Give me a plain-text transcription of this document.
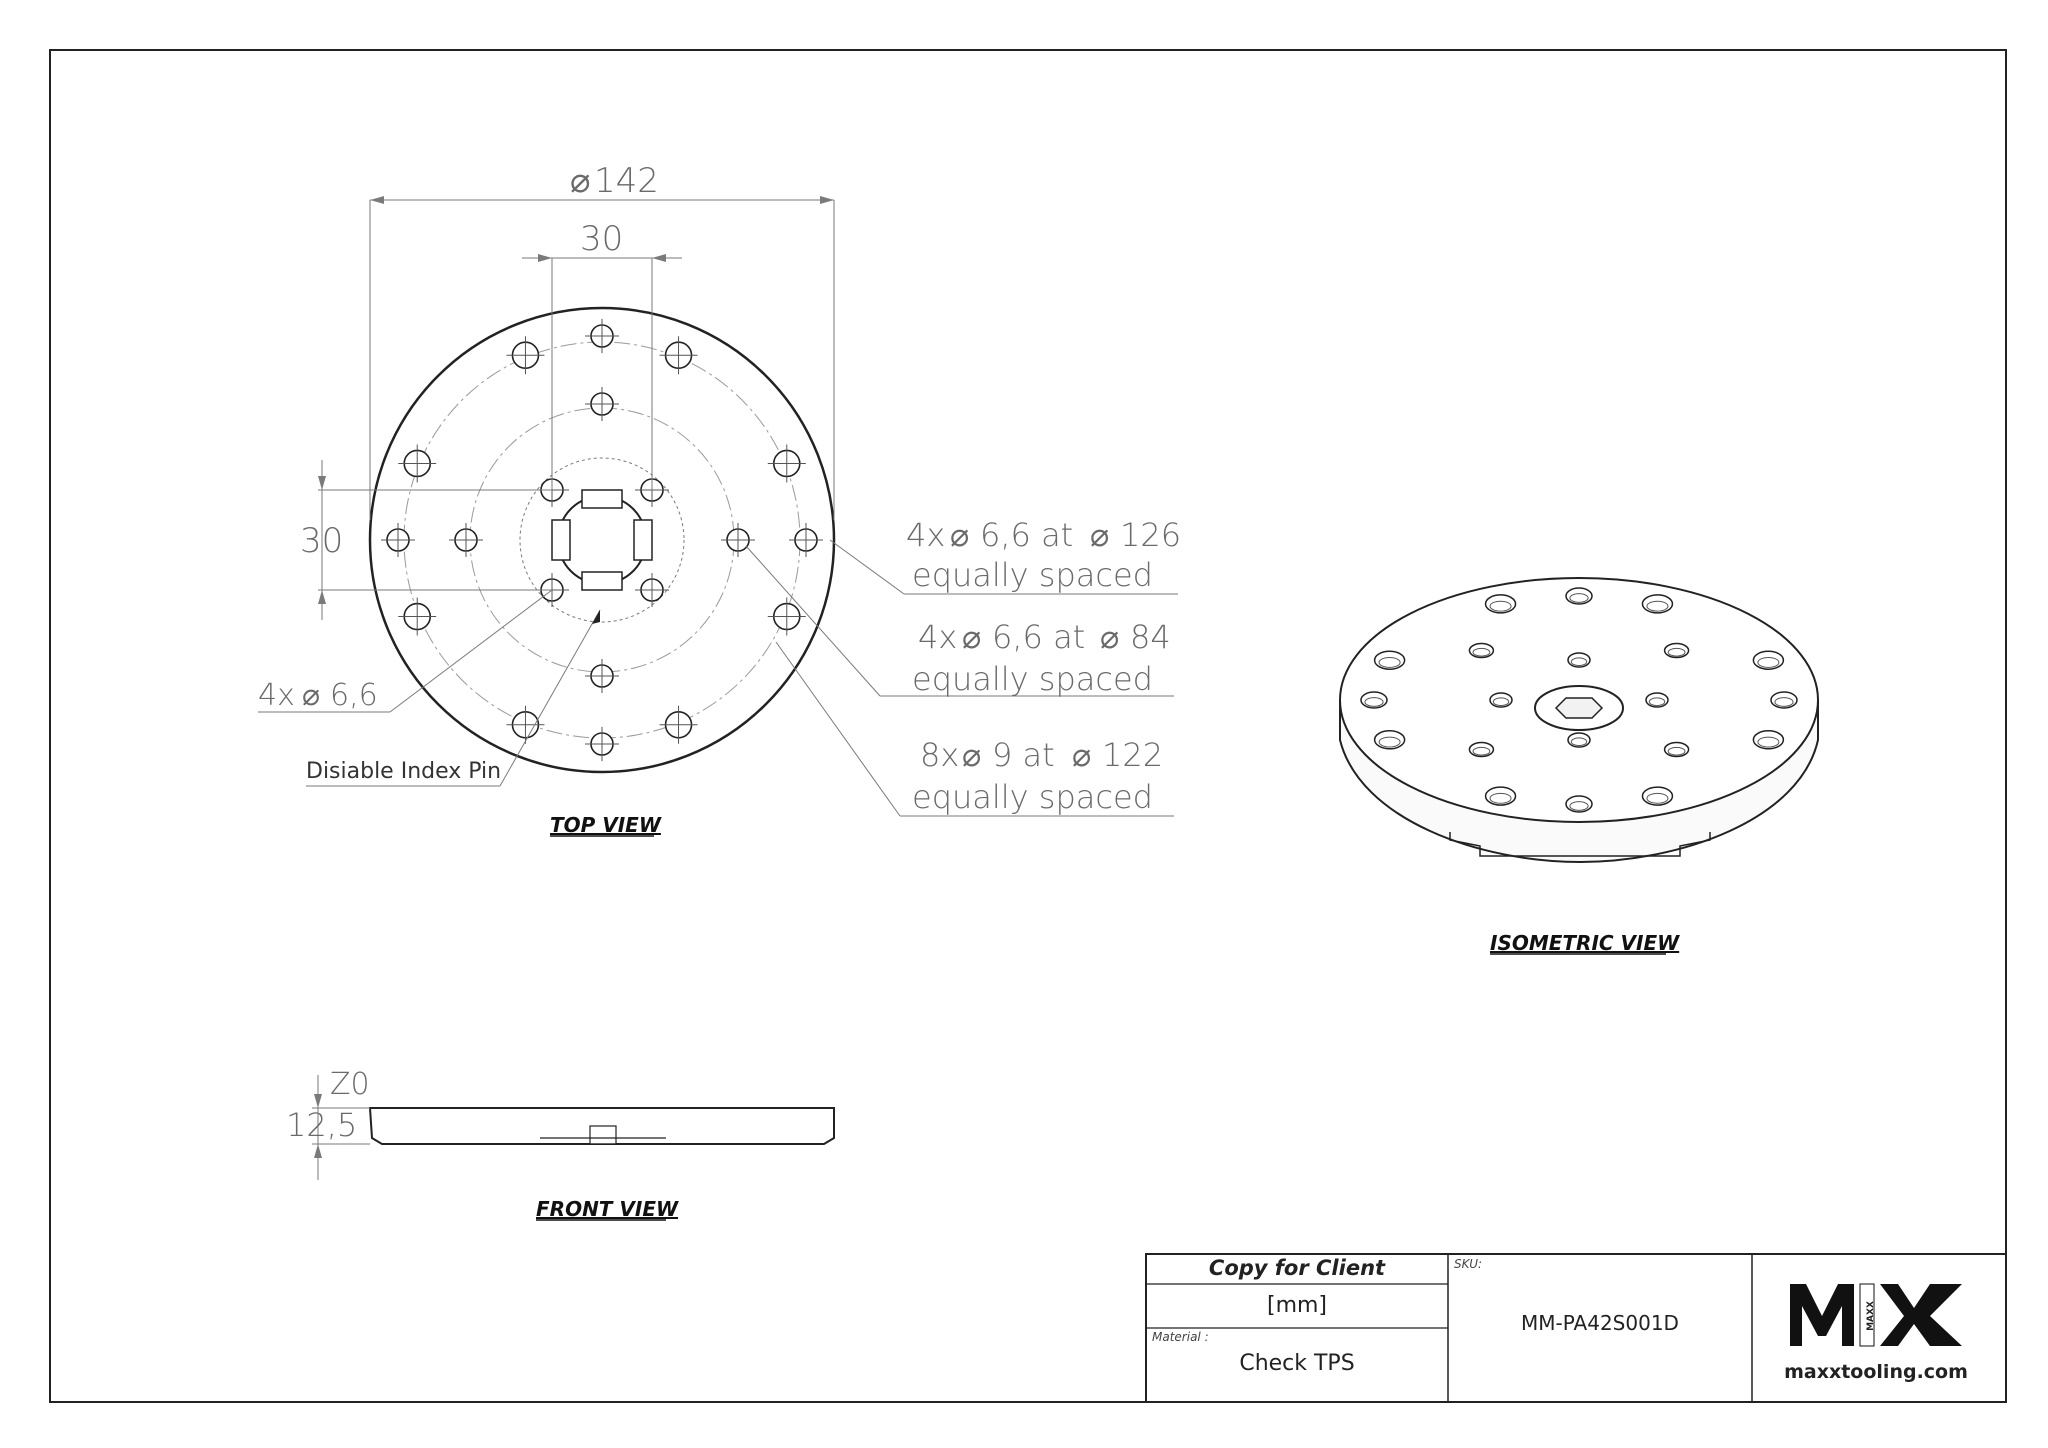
⌀ 142
30
30
4x ⌀ 6,6
Disiable Index Pin
4x ⌀ 6,6 at ⌀ 126
equally spaced
4x ⌀ 6,6 at ⌀ 84
equally spaced
8x ⌀ 9 at ⌀ 122
equally spaced
TOP VIEW
ISOMETRIC VIEW
Z0
12,5
FRONT VIEW
Copy for Client
[mm]
Material :
Check TPS
SKU:
MM-PA42S001D	MAXX
maxxtooling.com
